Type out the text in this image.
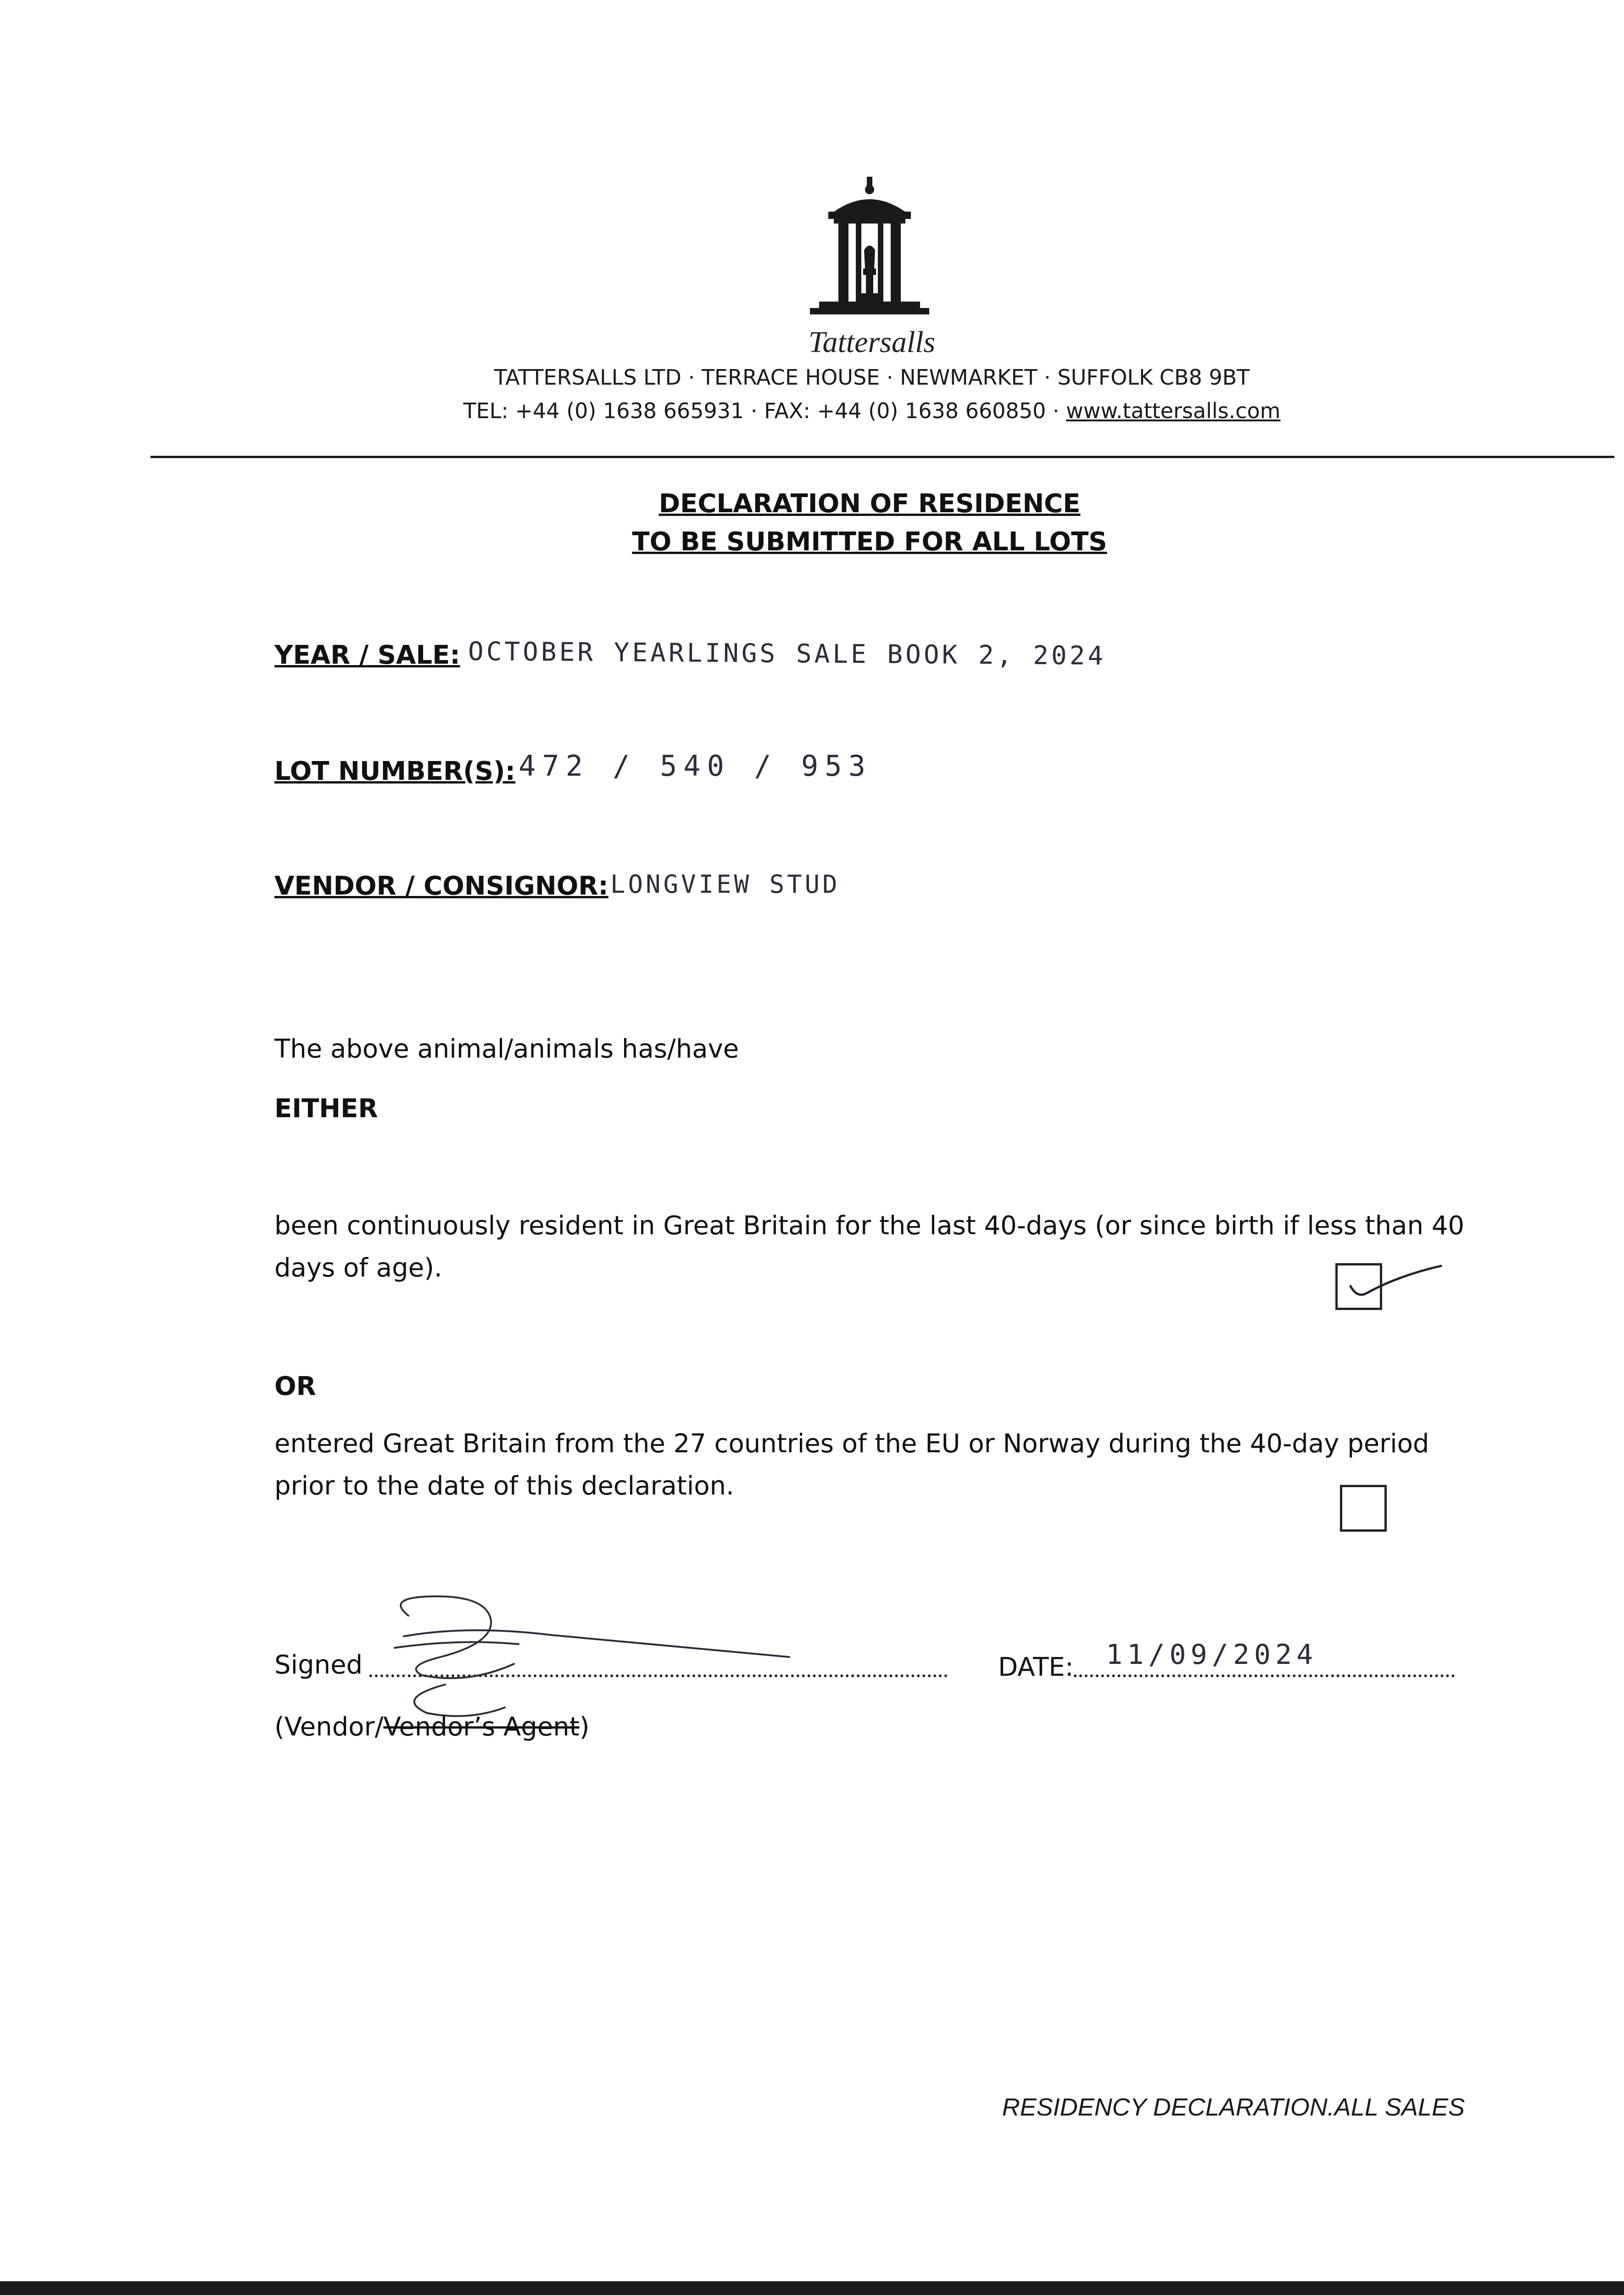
Tattersalls
TATTERSALLS LTD · TERRACE HOUSE · NEWMARKET · SUFFOLK CB8 9BT
TEL: +44 (0) 1638 665931 · FAX: +44 (0) 1638 660850 · www.tattersalls.com
DECLARATION OF RESIDENCE
TO BE SUBMITTED FOR ALL LOTS
YEAR / SALE: OCTOBER YEARLINGS SALE BOOK 2, 2024
LOT NUMBER(S): 472 / 540 / 953
VENDOR / CONSIGNOR: LONGVIEW STUD
The above animal/animals has/have
EITHER
been continuously resident in Great Britain for the last 40-days (or since birth if less than 40 days of age).
OR
entered Great Britain from the 27 countries of the EU or Norway during the 40-day period prior to the date of this declaration.
Signed	DATE: 11/09/2024
(Vendor/Vendor’s Agent)
RESIDENCY DECLARATION.ALL SALES
